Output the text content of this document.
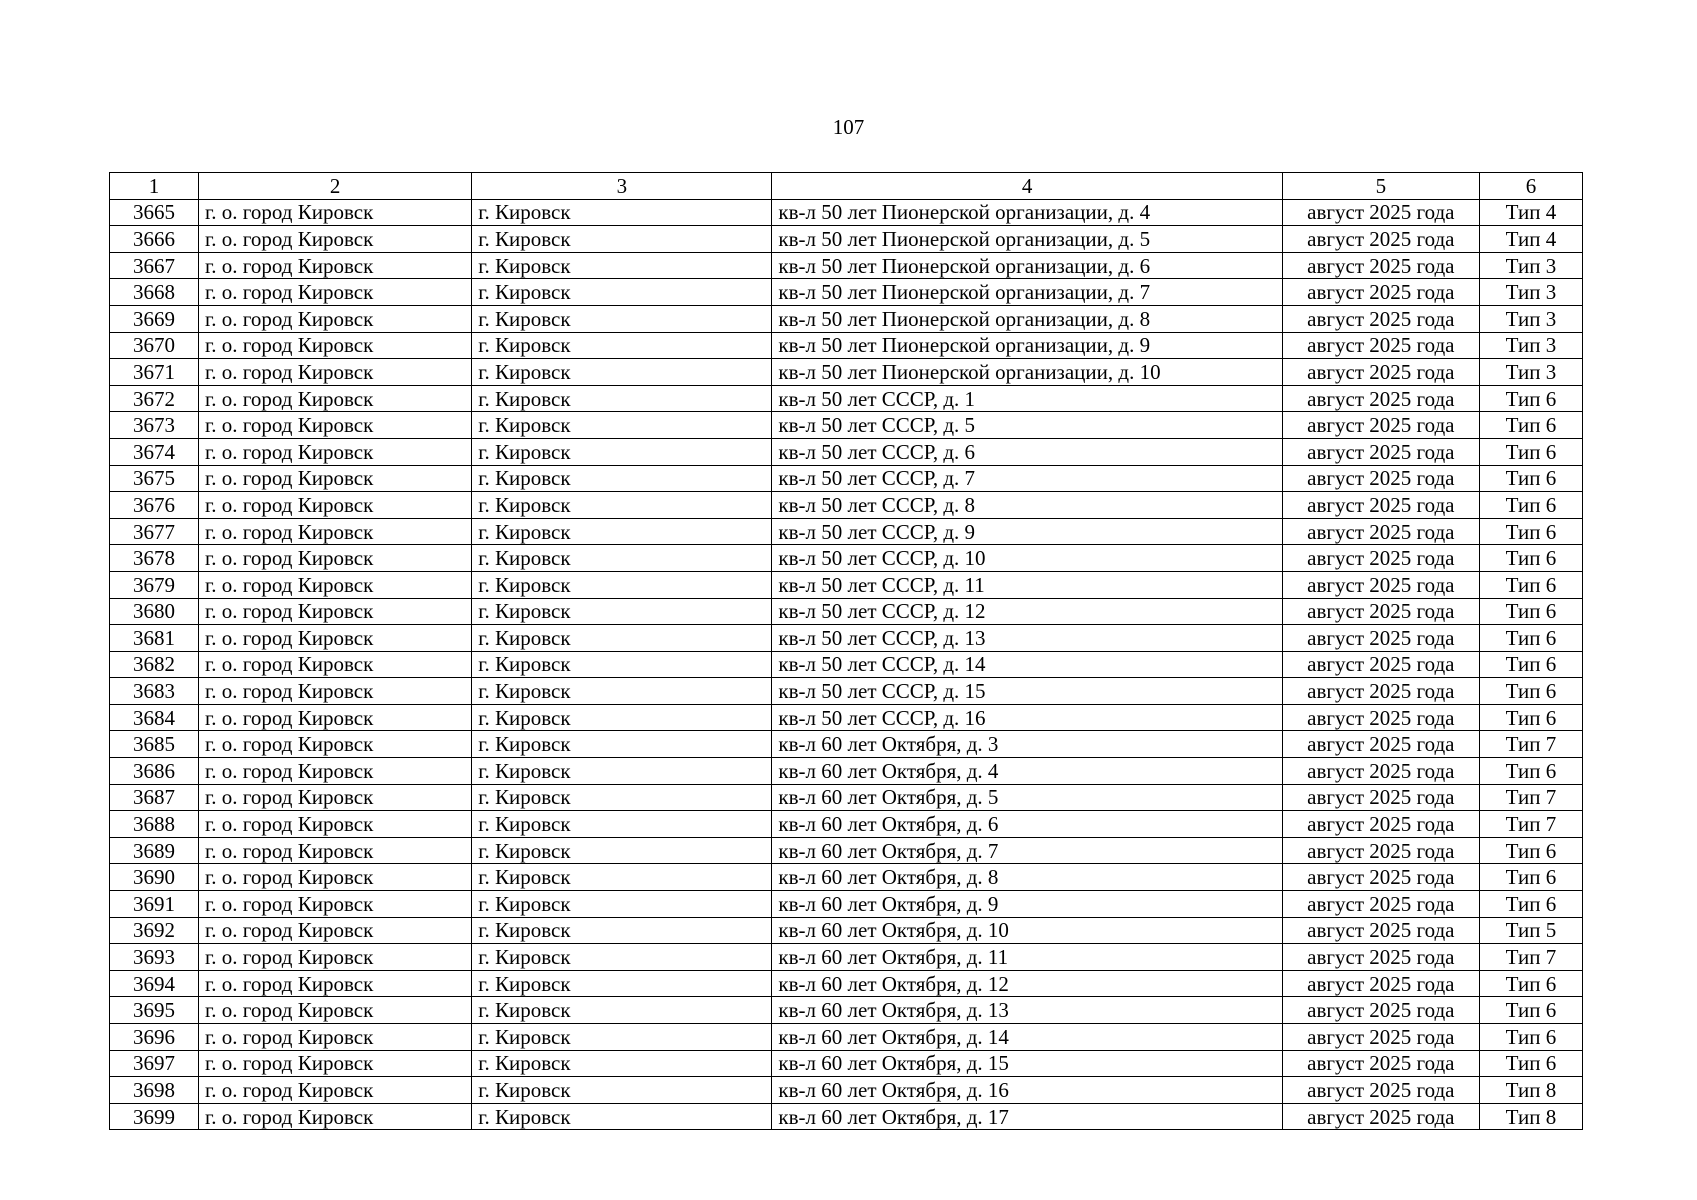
107
1	2	3	4	5	6
3665	г. о. город Кировск	г. Кировск	кв-л 50 лет Пионерской организации, д. 4	август 2025 года	Тип 4
3666	г. о. город Кировск	г. Кировск	кв-л 50 лет Пионерской организации, д. 5	август 2025 года	Тип 4
3667	г. о. город Кировск	г. Кировск	кв-л 50 лет Пионерской организации, д. 6	август 2025 года	Тип 3
3668	г. о. город Кировск	г. Кировск	кв-л 50 лет Пионерской организации, д. 7	август 2025 года	Тип 3
3669	г. о. город Кировск	г. Кировск	кв-л 50 лет Пионерской организации, д. 8	август 2025 года	Тип 3
3670	г. о. город Кировск	г. Кировск	кв-л 50 лет Пионерской организации, д. 9	август 2025 года	Тип 3
3671	г. о. город Кировск	г. Кировск	кв-л 50 лет Пионерской организации, д. 10	август 2025 года	Тип 3
3672	г. о. город Кировск	г. Кировск	кв-л 50 лет СССР, д. 1	август 2025 года	Тип 6
3673	г. о. город Кировск	г. Кировск	кв-л 50 лет СССР, д. 5	август 2025 года	Тип 6
3674	г. о. город Кировск	г. Кировск	кв-л 50 лет СССР, д. 6	август 2025 года	Тип 6
3675	г. о. город Кировск	г. Кировск	кв-л 50 лет СССР, д. 7	август 2025 года	Тип 6
3676	г. о. город Кировск	г. Кировск	кв-л 50 лет СССР, д. 8	август 2025 года	Тип 6
3677	г. о. город Кировск	г. Кировск	кв-л 50 лет СССР, д. 9	август 2025 года	Тип 6
3678	г. о. город Кировск	г. Кировск	кв-л 50 лет СССР, д. 10	август 2025 года	Тип 6
3679	г. о. город Кировск	г. Кировск	кв-л 50 лет СССР, д. 11	август 2025 года	Тип 6
3680	г. о. город Кировск	г. Кировск	кв-л 50 лет СССР, д. 12	август 2025 года	Тип 6
3681	г. о. город Кировск	г. Кировск	кв-л 50 лет СССР, д. 13	август 2025 года	Тип 6
3682	г. о. город Кировск	г. Кировск	кв-л 50 лет СССР, д. 14	август 2025 года	Тип 6
3683	г. о. город Кировск	г. Кировск	кв-л 50 лет СССР, д. 15	август 2025 года	Тип 6
3684	г. о. город Кировск	г. Кировск	кв-л 50 лет СССР, д. 16	август 2025 года	Тип 6
3685	г. о. город Кировск	г. Кировск	кв-л 60 лет Октября, д. 3	август 2025 года	Тип 7
3686	г. о. город Кировск	г. Кировск	кв-л 60 лет Октября, д. 4	август 2025 года	Тип 6
3687	г. о. город Кировск	г. Кировск	кв-л 60 лет Октября, д. 5	август 2025 года	Тип 7
3688	г. о. город Кировск	г. Кировск	кв-л 60 лет Октября, д. 6	август 2025 года	Тип 7
3689	г. о. город Кировск	г. Кировск	кв-л 60 лет Октября, д. 7	август 2025 года	Тип 6
3690	г. о. город Кировск	г. Кировск	кв-л 60 лет Октября, д. 8	август 2025 года	Тип 6
3691	г. о. город Кировск	г. Кировск	кв-л 60 лет Октября, д. 9	август 2025 года	Тип 6
3692	г. о. город Кировск	г. Кировск	кв-л 60 лет Октября, д. 10	август 2025 года	Тип 5
3693	г. о. город Кировск	г. Кировск	кв-л 60 лет Октября, д. 11	август 2025 года	Тип 7
3694	г. о. город Кировск	г. Кировск	кв-л 60 лет Октября, д. 12	август 2025 года	Тип 6
3695	г. о. город Кировск	г. Кировск	кв-л 60 лет Октября, д. 13	август 2025 года	Тип 6
3696	г. о. город Кировск	г. Кировск	кв-л 60 лет Октября, д. 14	август 2025 года	Тип 6
3697	г. о. город Кировск	г. Кировск	кв-л 60 лет Октября, д. 15	август 2025 года	Тип 6
3698	г. о. город Кировск	г. Кировск	кв-л 60 лет Октября, д. 16	август 2025 года	Тип 8
3699	г. о. город Кировск	г. Кировск	кв-л 60 лет Октября, д. 17	август 2025 года	Тип 8
